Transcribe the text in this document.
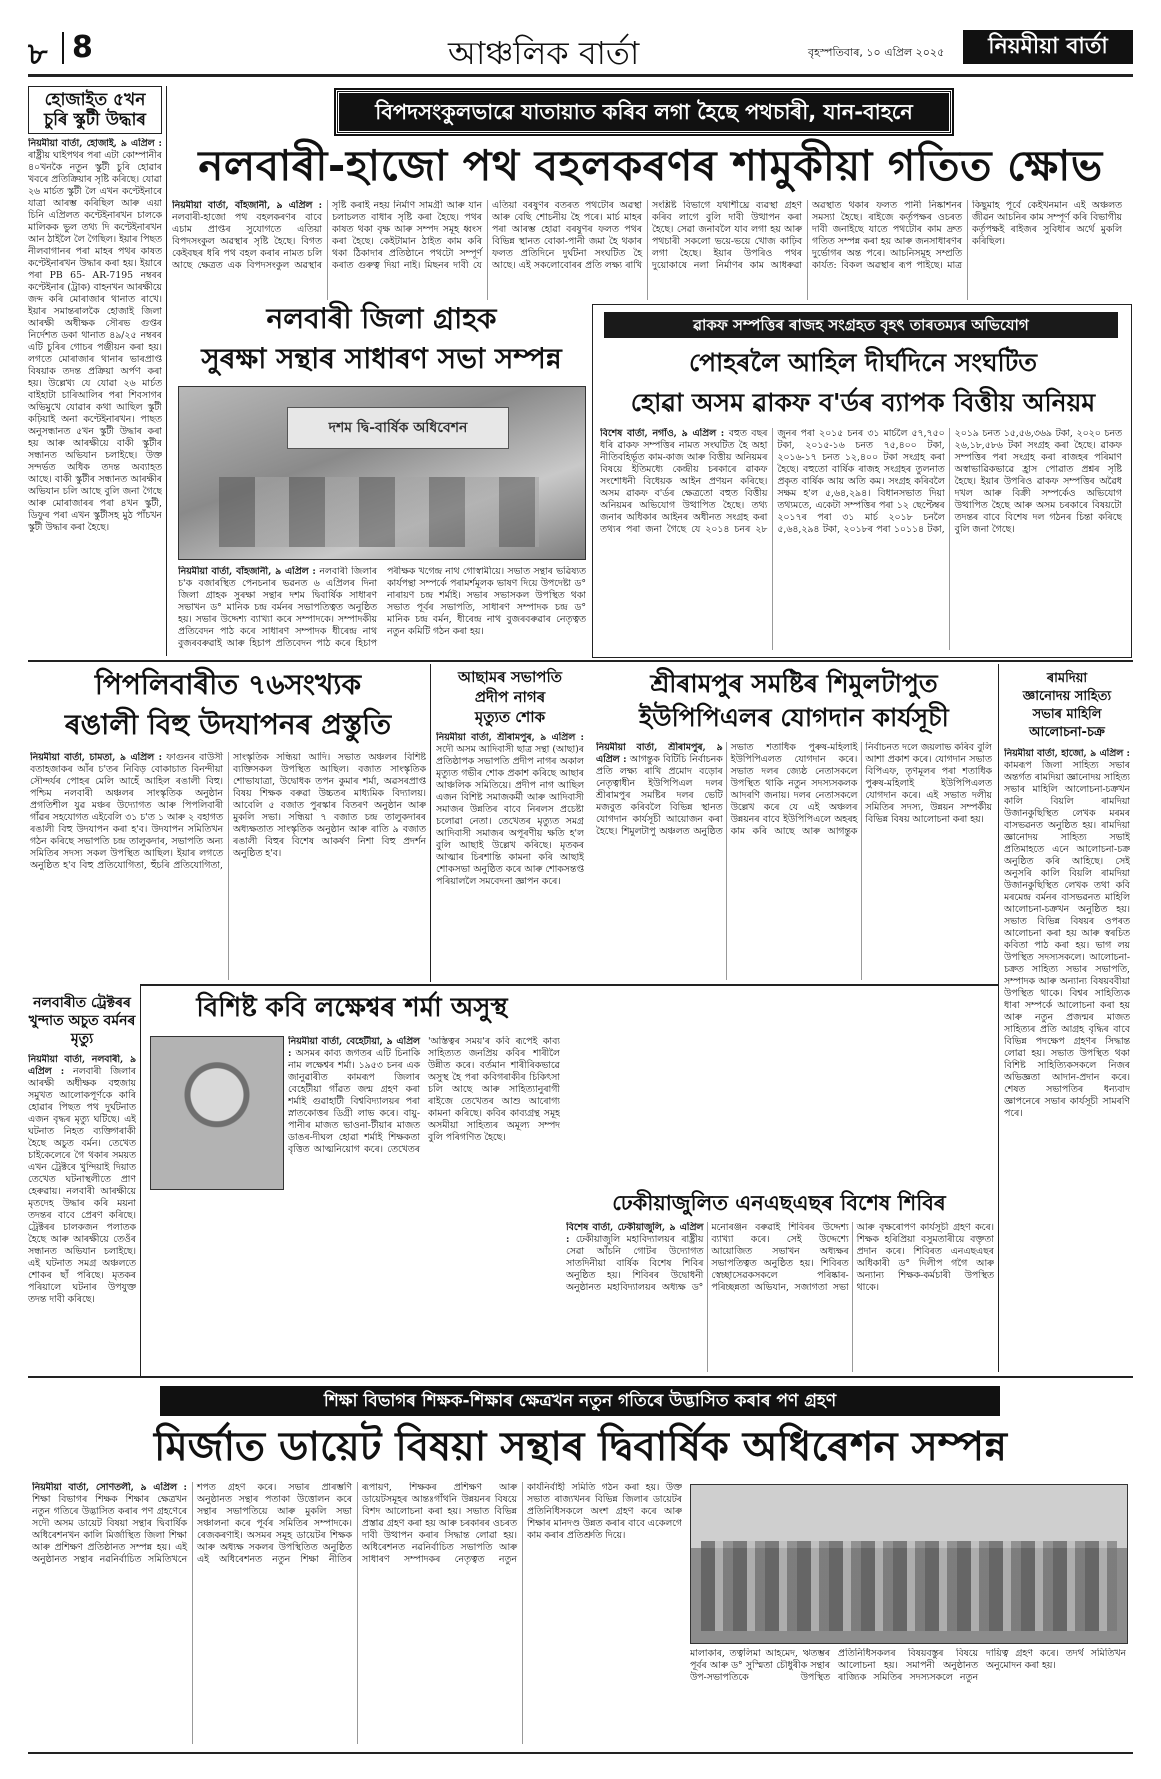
৮ 8	আঞ্চলিক বাৰ্তা	বৃহস্পতিবাৰ, ১০ এপ্ৰিল ২০২৫	নিয়মীয়া বাৰ্তা
হোজাইত ৫খন চুৰি স্কুটী উদ্ধাৰ
নিয়মীয়া বাৰ্তা, হোজাই, ৯ এপ্ৰিল : ৰাষ্ট্ৰীয় ঘাইপথৰ পৰা এটা কোম্পানীৰ ৪০খনকৈ নতুন স্কুটী চুৰি হোৱাৰ খবৰে প্ৰতিক্ৰিয়াৰ সৃষ্টি কৰিছে। যোৱা ২৬ মাৰ্চত স্কুটী লৈ এখন কণ্টেইনাৰে যাত্ৰা আৰম্ভ কৰিছিল আৰু এয়া চিনি এপ্ৰিলত কণ্টেইনাৰখন চালকে মালিকক ভুল তথ্য দি কণ্টেইনাৰখন আন ঠাইলৈ লৈ গৈছিল। ইয়াৰ পিছত নীলবাগানৰ পৰা মাহৰ পথৰ কাষত কণ্টেইনাৰখন উদ্ধাৰ কৰা হয়। ইয়াৰে পৰা PB 65- AR-7195 নম্বৰৰ কণ্টেইনাৰ (ট্ৰাক) বাহনখন আৰক্ষীয়ে জব্দ কৰি মোৰাজাৰ থানাত ৰাখে। ইয়াৰ সমান্তৰালকৈ হোজাই জিলা আৰক্ষী অধীক্ষক সৌৰভ গুপ্তৰ নিৰ্দেশত ডকা থানাত ৪৯/২৫ নম্বৰৰ এটি চুৰিৰ গোচৰ পঞ্জীয়ন কৰা হয়। লগতে মোৰাজাৰ থানাৰ ভাৰপ্ৰাপ্ত বিষয়াক তদন্ত প্ৰক্ৰিয়া অৰ্পণ কৰা হয়। উল্লেখ্য যে যোৱা ২৬ মাৰ্চত বাইহাটা চাৰিআলিৰ পৰা শিবসাগৰ অভিমুখে যোৱাৰ কথা আছিল স্কুটী কঢ়িয়াই অনা কণ্টেইনাৰখন। পাছত অনুসন্ধানত ৫খন স্কুটী উদ্ধাৰ কৰা হয় আৰু আৰক্ষীয়ে বাকী স্কুটীৰ সন্ধানত অভিযান চলাইছে। উক্ত সন্দৰ্ভত অধিক তদন্ত অব্যাহত আছে। বাকী স্কুটীৰ সন্ধানত আৰক্ষীৰ অভিযান চলি আছে বুলি জনা গৈছে আৰু মোৰাজাৰৰ পৰা ৪খন স্কুটী, ডিফুৰ পৰা এখন স্কুটীসহ মুঠ পাঁচখন স্কুটী উদ্ধাৰ কৰা হৈছে।
নলবাৰীত ট্ৰেক্টৰৰ খুন্দাত অচুত বৰ্মনৰ মৃত্যু
নিয়মীয়া বাৰ্তা, নলবাৰী, ৯ এপ্ৰিল : নলবাৰী জিলাৰ আৰক্ষী অধীক্ষক বহুজায় সমুখত আলোকপূৰ্ণকে কাৰি হোৱাৰ পিছত পথ দুৰ্ঘটনাত এজন বৃদ্ধৰ মৃত্যু ঘটিছে। এই ঘটনাত নিহত ব্যক্তিগৰাকী হৈছে অচুত বৰ্মন। তেখেত চাইকেলেৰে গৈ থকাৰ সময়ত এখন ট্ৰেক্টৰে খুন্দিয়াই দিয়াত তেখেত ঘটনাস্থলীতে প্ৰাণ হেৰুৱায়। নলবাৰী আৰক্ষীয়ে মৃতদেহ উদ্ধাৰ কৰি ময়না তদন্তৰ বাবে প্ৰেৰণ কৰিছে। ট্ৰেক্টৰৰ চালকজন পলাতক হৈছে আৰু আৰক্ষীয়ে তেওঁৰ সন্ধানত অভিযান চলাইছে। এই ঘটনাত সমগ্ৰ অঞ্চলতে শোকৰ ছাঁ পৰিছে। মৃতকৰ পৰিয়ালে ঘটনাৰ উপযুক্ত তদন্ত দাবী কৰিছে।
বিপদসংকুলভাৱে যাতায়াত কৰিব লগা হৈছে পথচাৰী, যান-বাহনে
নলবাৰী-হাজো পথ বহলকৰণৰ শামুকীয়া গতিত ক্ষোভ
নিয়মীয়া বাৰ্তা, বাঁহজানী, ৯ এপ্ৰিল : নলবাৰী-হাজো পথ বহলকৰণৰ বাবে এচাম প্ৰাপ্তৰ সুযোগতে এতিয়া বিপদসংকুল অৱস্থাৰ সৃষ্টি হৈছে। বিগত কেইবছৰ ধৰি পথ বহল কৰাৰ নামত চলি আছে ক্ষেত্ৰত এক বিপদসংকুল অৱস্থাৰ সৃষ্টি কৰাই নহয় নিৰ্মাণ সামগ্ৰী আৰু যান চলাচলত বাধাৰ সৃষ্টি কৰা হৈছে। পথৰ কাষত থকা বৃক্ষ আৰু সম্পদ সমূহ ধ্বংস কৰা হৈছে। কেইটামান ঠাইত কাম কৰি থকা ঠিকাদাৰ প্ৰতিষ্ঠানে পথটো সম্পূৰ্ণ কৰাত গুৰুত্ব দিয়া নাই। মিছনৰ দাবী যে এতিয়া বৰষুণৰ বতৰত পথটোৰ অৱস্থা আৰু বেছি শোচনীয় হৈ পৰে। মাৰ্চ মাহৰ পৰা আৰম্ভ হোৱা বৰষুণৰ ফলত পথৰ বিভিন্ন স্থানত বোকা-পানী জমা হৈ থকাৰ ফলত প্ৰতিদিনে দুৰ্ঘটনা সংঘটিত হৈ আছে। এই সকলোবোৰৰ প্ৰতি লক্ষ্য ৰাখি সংশ্লিষ্ট বিভাগে যথাশীঘ্ৰে ব্যৱস্থা গ্ৰহণ কৰিব লাগে বুলি দাবী উত্থাপন কৰা হৈছে। সেৱা জনাবলৈ যাব লগা হয় আৰু পথচাৰী সকলো ভয়ে-ভয়ে খোজ কাঢ়িব লগা হৈছে। ইয়াৰ উপৰিও পথৰ দুয়োকাষে নলা নিৰ্মাণৰ কাম আধৰুৱা অৱস্থাত থকাৰ ফলত পানী নিষ্কাশনৰ সমস্যা হৈছে। ৰাইজে কৰ্তৃপক্ষৰ ওচৰত দাবী জনাইছে যাতে পথটোৰ কাম দ্ৰুত গতিত সম্পন্ন কৰা হয় আৰু জনসাধাৰণৰ দুৰ্ভোগৰ অন্ত পৰে। আচনিসমূহ সম্প্ৰতি কাৰ্যত: বিকল অৱস্থাৰ ৰূপ পাইছে। মাত্ৰ কিছুমাহ পূৰ্বে কেইখনমান এই অঞ্চলত জীৱন আচনিৰ কাম সম্পূৰ্ণ কৰি বিভাগীয় কৰ্তৃপক্ষই ৰাইজৰ সুবিধাৰ অৰ্থে মুকলি কৰিছিল।
নলবাৰী জিলা গ্ৰাহক
সুৰক্ষা সন্থাৰ সাধাৰণ সভা সম্পন্ন
দশম দ্বি-বাৰ্ষিক অধিবেশন
নিয়মীয়া বাৰ্তা, বাঁহজানী, ৯ এপ্ৰিল : নলবাৰী জিলাৰ চ'ক বজাৰস্থিত পেনচনাৰ ভৱনত ৬ এপ্ৰিলৰ দিনা জিলা গ্ৰাহক সুৰক্ষা সন্থাৰ দশম দ্বিবাৰ্ষিক সাধাৰণ সভাখন ড° মানিক চন্দ্ৰ বৰ্মনৰ সভাপতিত্বত অনুষ্ঠিত হয়। সভাৰ উদ্দেশ্য ব্যাখ্যা কৰে সম্পাদকে। সম্পাদকীয় প্ৰতিবেদন পাঠ কৰে সাধাৰণ সম্পাদক ধীৰেন্দ্ৰ নাথ বুজৰবৰুৱাই আৰু হিচাপ প্ৰতিবেদন পাঠ কৰে হিচাপ পৰীক্ষক খগেন্দ্ৰ নাথ গোস্বামীয়ে। সভাত সন্থাৰ ভৱিষ্যত কাৰ্যপন্থা সম্পৰ্কে পৰামৰ্শমূলক ভাষণ দিয়ে উপদেষ্টা ড° নাৰায়ণ চন্দ্ৰ শৰ্মাই। সভাৰ সভাসকল উপস্থিত থকা সভাত পূৰ্বৰ সভাপতি, সাধাৰণ সম্পাদক চন্দ্ৰ ড° মানিক চন্দ্ৰ বৰ্মন, ধীৰেন্দ্ৰ নাথ বুজৰবৰুৱাৰ নেতৃত্বত নতুন কমিটি গঠন কৰা হয়।
ৱাকফ সম্পত্তিৰ ৰাজহ সংগ্ৰহত বৃহৎ তাৰতম্যৰ অভিযোগ
পোহৰলৈ আহিল দীৰ্ঘদিনে সংঘটিত
হোৱা অসম ৱাকফ ব'ৰ্ডৰ ব্যাপক বিত্তীয় অনিয়ম
বিশেষ বাৰ্তা, নগাঁও, ৯ এপ্ৰিল : বহুত বছৰ ধৰি ৱাকফ সম্পত্তিৰ নামত সংঘটিত হৈ অহা নীতিবহিৰ্ভূত কাম-কাজ আৰু বিত্তীয় অনিয়মৰ বিষয়ে ইতিমধ্যে কেন্দ্ৰীয় চৰকাৰে ৱাকফ সংশোধনী বিধেয়ক আইন প্ৰণয়ন কৰিছে। অসম ৱাকফ ব'ৰ্ডৰ ক্ষেত্ৰতো বহুত বিত্তীয় অনিয়মৰ অভিযোগ উত্থাপিত হৈছে। তথ্য জনাৰ অধিকাৰ আইনৰ অধীনত সংগ্ৰহ কৰা তথ্যৰ পৰা জনা গৈছে যে ২০১৪ চনৰ ২৮ জুনৰ পৰা ২০১৫ চনৰ ৩১ মাৰ্চলৈ ৫৭,৭৫০ টকা, ২০১৫-১৬ চনত ৭৫,৪০০ টকা, ২০১৬-১৭ চনত ১২,৪০০ টকা সংগ্ৰহ কৰা হৈছে। বহুতো বাৰ্ষিক ৰাজহ সংগ্ৰহৰ তুলনাত প্ৰকৃত বাৰ্ষিক আয় অতি কম। সংগ্ৰহ কৰিবলৈ সক্ষম হ'ল ৫,৬৪,২৯৪। বিধানসভাত দিয়া তথ্যমতে, একেটা সম্পত্তিৰ পৰা ১২ ছেপ্টেম্বৰ ২০১৭ৰ পৰা ৩১ মাৰ্চ ২০১৮ চনলৈ ৫,৬৪,২৯৪ টকা, ২০১৮ৰ পৰা ১০১১৪ টকা, ২০১৯ চনত ১৫,৫৬,৩৬৯ টকা, ২০২০ চনত ২৬,১৮,৫৮৬ টকা সংগ্ৰহ কৰা হৈছে। ৱাকফ সম্পত্তিৰ পৰা সংগ্ৰহ কৰা ৰাজহৰ পৰিমাণ অস্বাভাৱিকভাৱে হ্ৰাস পোৱাত প্ৰশ্নৰ সৃষ্টি হৈছে। ইয়াৰ উপৰিও ৱাকফ সম্পত্তিৰ অৱৈধ দখল আৰু বিক্ৰী সম্পৰ্কেও অভিযোগ উত্থাপিত হৈছে আৰু অসম চৰকাৰে বিষয়টো তদন্তৰ বাবে বিশেষ দল গঠনৰ চিন্তা কৰিছে বুলি জনা গৈছে।
পিপলিবাৰীত ৭৬সংখ্যক
ৰঙালী বিহু উদযাপনৰ প্ৰস্তুতি
নিয়মীয়া বাৰ্তা, চামতা, ৯ এপ্ৰিল : ফাগুনৰ বাউসী বতাহজাকৰ আঁৰ চ'তৰ নিবিড় বোকাচাত বিনন্দীয়া সৌন্দৰ্যৰ পোহৰ মেলি আহেঁ আহিল ৰঙালী বিহু। পশ্চিম নলবাৰী অঞ্চলৰ সাংস্কৃতিক অনুষ্ঠান প্ৰগতিশীল যুৱ মঞ্চৰ উদ্যোগত আৰু পিপলিবাৰী গাঁৱৰ সহযোগত এইবেলি ৩১ চ'ত ১ আৰু ২ বহাগত ৰঙালী বিহু উদযাপন কৰা হ'ব। উদযাপন সমিতিখন গঠন কৰিছে সভাপতি চন্দ্ৰ তালুকদাৰ, সভাপতি অন্য সমিতিৰ সদস্য সকল উপস্থিত আছিল। ইয়াৰ লগতে অনুষ্ঠিত হ'ব বিহু প্ৰতিযোগিতা, হুঁচৰি প্ৰতিযোগিতা, সাংস্কৃতিক সন্ধিয়া আদি। সভাত অঞ্চলৰ বিশিষ্ট ব্যক্তিসকল উপস্থিত আছিল। বজাত সাংস্কৃতিক শোভাযাত্ৰা, উদ্বোধক তপন কুমাৰ শৰ্মা, অৱসৰপ্ৰাপ্ত বিষয় শিক্ষক বৰুৱা উচ্চতৰ মাধ্যমিক বিদ্যালয়। আবেলি ৫ বজাত পুৰস্কাৰ বিতৰণ অনুষ্ঠান আৰু মুকলি সভা। সন্ধিয়া ৭ বজাত চন্দ্ৰ তালুকদাৰৰ অধ্যক্ষতাত সাংস্কৃতিক অনুষ্ঠান আৰু ৰাতি ৯ বজাত ৰঙালী বিহুৰ বিশেষ আকৰ্ষণ নিশা বিহু প্ৰদৰ্শন অনুষ্ঠিত হ'ব।
আছামৰ সভাপতি
প্ৰদীপ নাগৰ
মৃত্যুত শোক
নিয়মীয়া বাৰ্তা, শ্ৰীৰামপুৰ, ৯ এপ্ৰিল : সদৌ অসম আদিবাসী ছাত্ৰ সন্থা (আছা)ৰ প্ৰতিষ্ঠাপক সভাপতি প্ৰদীপ নাগৰ অকাল মৃত্যুত গভীৰ শোক প্ৰকাশ কৰিছে আছাৰ আঞ্চলিক সমিতিয়ে। প্ৰদীপ নাগ আছিল এজন বিশিষ্ট সমাজকৰ্মী আৰু আদিবাসী সমাজৰ উন্নতিৰ বাবে নিৰলস প্ৰচেষ্টা চলোৱা নেতা। তেখেতৰ মৃত্যুত সমগ্ৰ আদিবাসী সমাজৰ অপূৰণীয় ক্ষতি হ'ল বুলি আছাই উল্লেখ কৰিছে। মৃতকৰ আত্মাৰ চিৰশান্তি কামনা কৰি আছাই শোকসভা অনুষ্ঠিত কৰে আৰু শোকসন্তপ্ত পৰিয়াললৈ সমবেদনা জ্ঞাপন কৰে।
শ্ৰীৰামপুৰ সমষ্টিৰ শিমুলটাপুত
ইউপিপিএলৰ যোগদান কাৰ্যসূচী
নিয়মীয়া বাৰ্তা, শ্ৰীৰামপুৰ, ৯ এপ্ৰিল : আগন্তুক বিটিচি নিৰ্বাচনক প্ৰতি লক্ষ্য ৰাখি প্ৰমোদ বড়োৰ নেতৃত্বাধীন ইউপিপিএল দলৰ শ্ৰীৰামপুৰ সমষ্টিৰ দলৰ ভেটি মজবুত কৰিবলৈ বিভিন্ন স্থানত যোগদান কাৰ্যসূচী আয়োজন কৰা হৈছে। শিমুলটাপু অঞ্চলত অনুষ্ঠিত সভাত শতাধিক পুৰুষ-মহিলাই ইউপিপিএলত যোগদান কৰে। সভাত দলৰ জ্যেষ্ঠ নেতাসকলে উপস্থিত থাকি নতুন সদস্যসকলক আদৰণি জনায়। দলৰ নেতাসকলে উল্লেখ কৰে যে এই অঞ্চলৰ উন্নয়নৰ বাবে ইউপিপিএলে অহৰহ কাম কৰি আছে আৰু আগন্তুক নিৰ্বাচনত দলে জয়লাভ কৰিব বুলি আশা প্ৰকাশ কৰে। যোগদান সভাত বিপিএফ, তৃণমূলৰ পৰা শতাধিক পুৰুষ-মহিলাই ইউপিপিএলত যোগদান কৰে। এই সভাত দলীয় সমিতিৰ সদস্য, উন্নয়ন সম্পৰ্কীয় বিভিন্ন বিষয় আলোচনা কৰা হয়।
ৰামদিয়া
জ্ঞানোদয় সাহিত্য
সভাৰ মাহিলি
আলোচনা-চক্ৰ
নিয়মীয়া বাৰ্তা, হাজো, ৯ এপ্ৰিল : কামৰূপ জিলা সাহিত্য সভাৰ অন্তৰ্গত ৰামদিয়া জ্ঞানোদয় সাহিত্য সভাৰ মাহিলি আলোচনা-চক্ৰখন কালি বিয়লি ৰামদিয়া উজানকুছিস্থিত লেখক মৰমৰ বাসভৱনত অনুষ্ঠিত হয়। ৰামদিয়া জ্ঞানোদয় সাহিত্য সভাই প্ৰতিমাহতে এনে আলোচনা-চক্ৰ অনুষ্ঠিত কৰি আহিছে। সেই অনুসৰি কালি বিয়লি ৰামদিয়া উজানকুছিস্থিত লেখক তথা কবি মৰমেন্দ্ৰ বৰ্মনৰ বাসভৱনত মাহিলি আলোচনা-চক্ৰখন অনুষ্ঠিত হয়। সভাত বিভিন্ন বিষয়ৰ ওপৰত আলোচনা কৰা হয় আৰু স্বৰচিত কবিতা পাঠ কৰা হয়। ভাগ লয় উপস্থিত সদস্যসকলে। আলোচনা-চক্ৰত সাহিত্য সভাৰ সভাপতি, সম্পাদক আৰু অন্যান্য বিষয়ববীয়া উপস্থিত থাকে। বিশ্বৰ সাহিত্যিক ধাৰা সম্পৰ্কে আলোচনা কৰা হয় আৰু নতুন প্ৰজন্মৰ মাজত সাহিত্যৰ প্ৰতি আগ্ৰহ বৃদ্ধিৰ বাবে বিভিন্ন পদক্ষেপ গ্ৰহণৰ সিদ্ধান্ত লোৱা হয়। সভাত উপস্থিত থকা বিশিষ্ট সাহিত্যিকসকলে নিজৰ অভিজ্ঞতা আদান-প্ৰদান কৰে। শেষত সভাপতিৰ ধন্যবাদ জ্ঞাপনেৰে সভাৰ কাৰ্যসূচী সামৰণি পৰে।
বিশিষ্ট কবি লক্ষেশ্বৰ শৰ্মা অসুস্থ
নিয়মীয়া বাৰ্তা, বেহেটীয়া, ৯ এপ্ৰিল : অসমৰ কাব্য জগতৰ এটি চিনাকি নাম লক্ষেশ্বৰ শৰ্মা। ১৯৫৩ চনৰ এক জানুৱাৰীত কামৰূপ জিলাৰ বেহেটীয়া গাঁৱত জন্ম গ্ৰহণ কৰা শৰ্মাই গুৱাহাটী বিশ্ববিদ্যালয়ৰ পৰা স্নাতকোত্তৰ ডিগ্ৰী লাভ কৰে। বায়ু-পানীৰ মাজত ভাওনা-টীয়াৰ মাজত ডাঙৰ-দীঘল হোৱা শৰ্মাই শিক্ষকতা বৃত্তিত আত্মনিয়োগ কৰে। তেখেতৰ 'অস্তিত্বৰ সময়'ৰ কবি ৰূপেই কাব্য সাহিত্যত জনপ্ৰিয় কবিৰ শাৰীলৈ উন্নীত কৰে। বৰ্তমান শাৰীৰিকভাৱে অসুস্থ হৈ পৰা কবিগৰাকীৰ চিকিৎসা চলি আছে আৰু সাহিত্যানুৰাগী ৰাইজে তেখেতৰ আশু আৰোগ্য কামনা কৰিছে। কবিৰ কাব্যগ্ৰন্থ সমূহ অসমীয়া সাহিত্যৰ অমূল্য সম্পদ বুলি পৰিগণিত হৈছে।
ঢেকীয়াজুলিত এনএছএছৰ বিশেষ শিবিৰ
বিশেষ বাৰ্তা, ঢেকীয়াজুলি, ৯ এপ্ৰিল : ঢেকীয়াজুলি মহাবিদ্যালয়ৰ ৰাষ্ট্ৰীয় সেৱা আঁচনি গোটৰ উদ্যোগত সাতদিনীয়া বাৰ্ষিক বিশেষ শিবিৰ অনুষ্ঠিত হয়। শিবিৰৰ উদ্বোধনী অনুষ্ঠানত মহাবিদ্যালয়ৰ অধ্যক্ষ ড° মনোৰঞ্জন বৰুৱাই শিবিৰৰ উদ্দেশ্য ব্যাখ্যা কৰে। সেই উদ্দেশ্যে আয়োজিত সভাখন অধ্যক্ষৰ সভাপতিত্বত অনুষ্ঠিত হয়। শিবিৰত স্বেচ্ছাসেৱকসকলে পৰিষ্কাৰ-পৰিচ্ছন্নতা অভিযান, সজাগতা সভা আৰু বৃক্ষৰোপণ কাৰ্যসূচী গ্ৰহণ কৰে। শিক্ষক হৰিপ্ৰিয়া বসুমতাৰীয়ে বক্তৃতা প্ৰদান কৰে। শিবিৰত এনএছএছৰ অধিকাৰী ড° দিলীপ গগৈ আৰু অন্যান্য শিক্ষক-কৰ্মচাৰী উপস্থিত থাকে।
শিক্ষা বিভাগৰ শিক্ষক-শিক্ষাৰ ক্ষেত্ৰখন নতুন গতিৰে উদ্ভাসিত কৰাৰ পণ গ্ৰহণ
মিৰ্জাত ডায়েট বিষয়া সন্থাৰ দ্বিবাৰ্ষিক অধিৰেশন সম্পন্ন
নিয়মীয়া বাৰ্তা, সোণতলী, ৯ এপ্ৰিল : শিক্ষা বিভাগৰ শিক্ষক শিক্ষাৰ ক্ষেত্ৰখন নতুন গতিৰে উদ্ভাসিত কৰাৰ পণ গ্ৰহণেৰে সদৌ অসম ডায়েট বিষয়া সন্থাৰ দ্বিবাৰ্ষিক অধিৰেশনখন কালি মিৰ্জাস্থিত জিলা শিক্ষা আৰু প্ৰশিক্ষণ প্ৰতিষ্ঠানত সম্পন্ন হয়। এই অনুষ্ঠানত সন্থাৰ নৱনিৰ্বাচিত সমিতিখনে শপত গ্ৰহণ কৰে। সভাৰ প্ৰাৰম্ভণি অনুষ্ঠানত সন্থাৰ পতাকা উত্তোলন কৰে সন্থাৰ সভাপতিয়ে আৰু মুকলি সভা সঞ্চালনা কৰে পূৰ্বৰ সমিতিৰ সম্পাদকে। ৰেজকৰণাই। অসমৰ সমূহ ডায়েটৰ শিক্ষক আৰু অধ্যক্ষ সকলৰ উপস্থিতিত অনুষ্ঠিত এই অধিৰেশনত নতুন শিক্ষা নীতিৰ ৰূপায়ণ, শিক্ষকৰ প্ৰশিক্ষণ আৰু ডায়েটসমূহৰ আন্তঃগাঁথনি উন্নয়নৰ বিষয়ে বিশদ আলোচনা কৰা হয়। সভাত বিভিন্ন প্ৰস্তাৱ গ্ৰহণ কৰা হয় আৰু চৰকাৰৰ ওচৰত দাবী উত্থাপন কৰাৰ সিদ্ধান্ত লোৱা হয়। অধিৰেশনত নৱনিৰ্বাচিত সভাপতি আৰু সাধাৰণ সম্পাদকৰ নেতৃত্বত নতুন কাৰ্যনিৰ্বাহী সমিতি গঠন কৰা হয়। উক্ত সভাত ৰাজ্যখনৰ বিভিন্ন জিলাৰ ডায়েটৰ প্ৰতিনিধিসকলে অংশ গ্ৰহণ কৰে আৰু শিক্ষাৰ মানদণ্ড উন্নত কৰাৰ বাবে একেলগে কাম কৰাৰ প্ৰতিশ্ৰুতি দিয়ে।
মালাকাৰ, তত্বলিমা আহমেদ, ঋতম্ভৰ পূৰ্বৰ আৰু ড° সুস্মিতা চৌধুৰীক সন্থাৰ উপ-সভাপতিকে উপস্থিত প্ৰতিনিধিসকলৰ বিষয়বস্তুৰ বিষয়ে আলোচনা হয়। সমাপনী অনুষ্ঠানত ৰাজ্যিক সমিতিৰ সদস্যসকলে নতুন দায়িত্ব গ্ৰহণ কৰে। তদৰ্থ সমিতিখন অনুমোদন কৰা হয়।
